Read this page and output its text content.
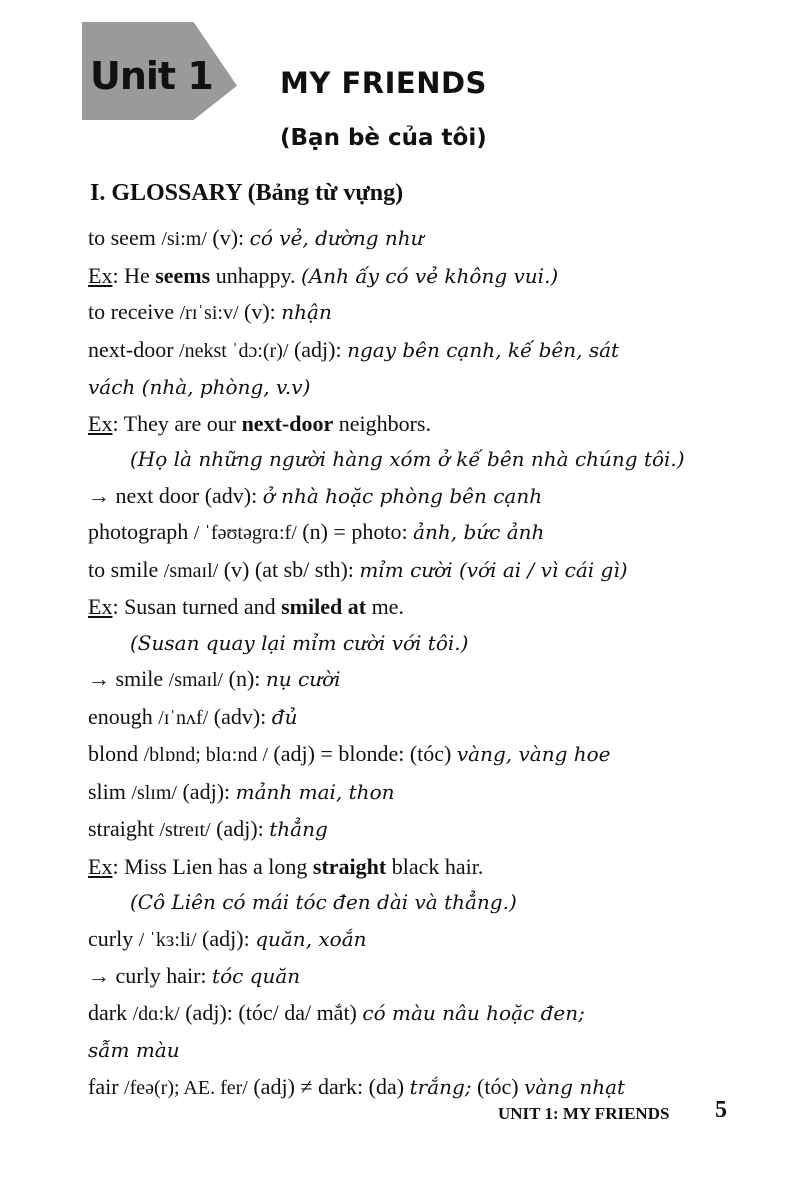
Unit 1 MY FRIENDS
(Bạn bè của tôi)
I. GLOSSARY (Bảng từ vựng)
to seem /si:m/ (v): có vẻ, dường như
Ex: He seems unhappy. (Anh ấy có vẻ không vui.)
to receive /rɪˈsi:v/ (v): nhận
next-door /nekst ˈdɔ:(r)/ (adj): ngay bên cạnh, kế bên, sát
vách (nhà, phòng, v.v)
Ex: They are our next-door neighbors.
(Họ là những người hàng xóm ở kế bên nhà chúng tôi.)
→ next door (adv): ở nhà hoặc phòng bên cạnh
photograph / ˈfəʊtəgrɑ:f/ (n) = photo: ảnh, bức ảnh
to smile /smaɪl/ (v) (at sb/ sth): mỉm cười (với ai / vì cái gì)
Ex: Susan turned and smiled at me.
(Susan quay lại mỉm cười với tôi.)
→ smile /smaɪl/ (n): nụ cười
enough /ɪˈnʌf/ (adv): đủ
blond /blɒnd; blɑ:nd / (adj) = blonde: (tóc) vàng, vàng hoe
slim /slɪm/ (adj): mảnh mai, thon
straight /streɪt/ (adj): thẳng
Ex: Miss Lien has a long straight black hair.
(Cô Liên có mái tóc đen dài và thẳng.)
curly / ˈkɜ:li/ (adj): quăn, xoắn
→ curly hair: tóc quăn
dark /dɑ:k/ (adj): (tóc/ da/ mắt) có màu nâu hoặc đen;
sẫm màu
fair /feə(r); AE. fer/ (adj) ≠ dark: (da) trắng; (tóc) vàng nhạt
UNIT 1: MY FRIENDS 5
